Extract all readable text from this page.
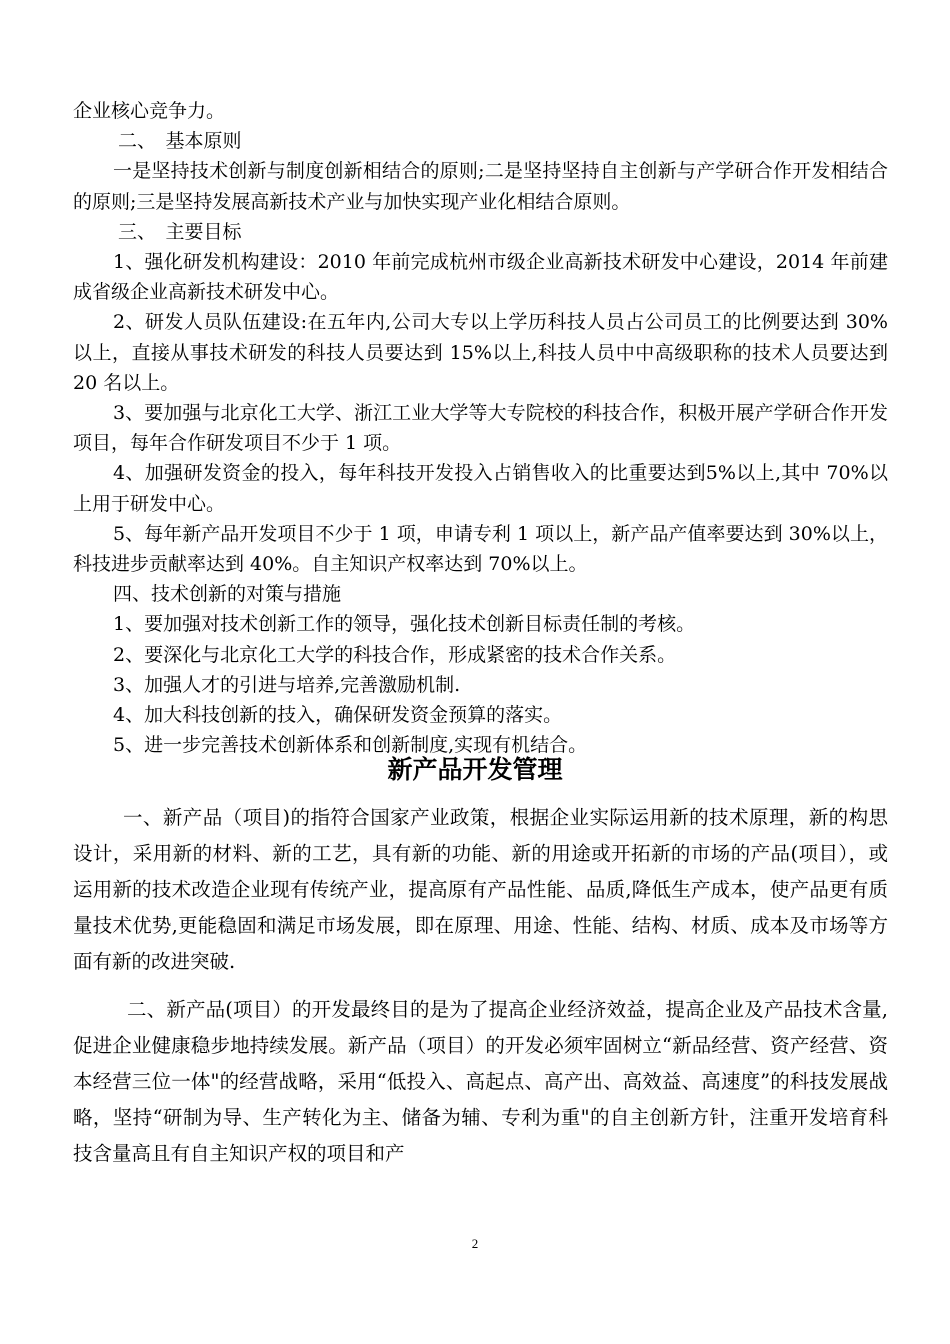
企业核心竞争力。

二、　基本原则

一是坚持技术创新与制度创新相结合的原则;二是坚持坚持自主创新与产学研合作开发相结合的原则;三是坚持发展高新技术产业与加快实现产业化相结合原则。

三、　主要目标

1、强化研发机构建设：2010 年前完成杭州市级企业高新技术研发中心建设，2014 年前建成省级企业高新技术研发中心。

2、研发人员队伍建设:在五年内,公司大专以上学历科技人员占公司员工的比例要达到 30%以上，直接从事技术研发的科技人员要达到 15%以上,科技人员中中高级职称的技术人员要达到 20 名以上。

3、要加强与北京化工大学、浙江工业大学等大专院校的科技合作，积极开展产学研合作开发项目，每年合作研发项目不少于 1 项。

4、加强研发资金的投入，每年科技开发投入占销售收入的比重要达到5%以上,其中 70%以上用于研发中心。

5、每年新产品开发项目不少于 1 项，申请专利 1 项以上，新产品产值率要达到 30%以上，科技进步贡献率达到 40%。自主知识产权率达到 70%以上。

四、技术创新的对策与措施

1、要加强对技术创新工作的领导，强化技术创新目标责任制的考核。

2、要深化与北京化工大学的科技合作，形成紧密的技术合作关系。

3、加强人才的引进与培养,完善激励机制.

4、加大科技创新的技入，确保研发资金预算的落实。

5、进一步完善技术创新体系和创新制度,实现有机结合。

新产品开发管理

一、新产品（项目)的指符合国家产业政策，根据企业实际运用新的技术原理，新的构思设计，采用新的材料、新的工艺，具有新的功能、新的用途或开拓新的市场的产品(项目），或运用新的技术改造企业现有传统产业，提高原有产品性能、品质,降低生产成本，使产品更有质量技术优势,更能稳固和满足市场发展，即在原理、用途、性能、结构、材质、成本及市场等方面有新的改进突破.

二、新产品(项目）的开发最终目的是为了提高企业经济效益，提高企业及产品技术含量,促进企业健康稳步地持续发展。新产品（项目）的开发必须牢固树立“新品经营、资产经营、资本经营三位一体"的经营战略，采用“低投入、高起点、高产出、高效益、高速度”的科技发展战略，坚持“研制为导、生产转化为主、储备为辅、专利为重"的自主创新方针，注重开发培育科技含量高且有自主知识产权的项目和产

2
